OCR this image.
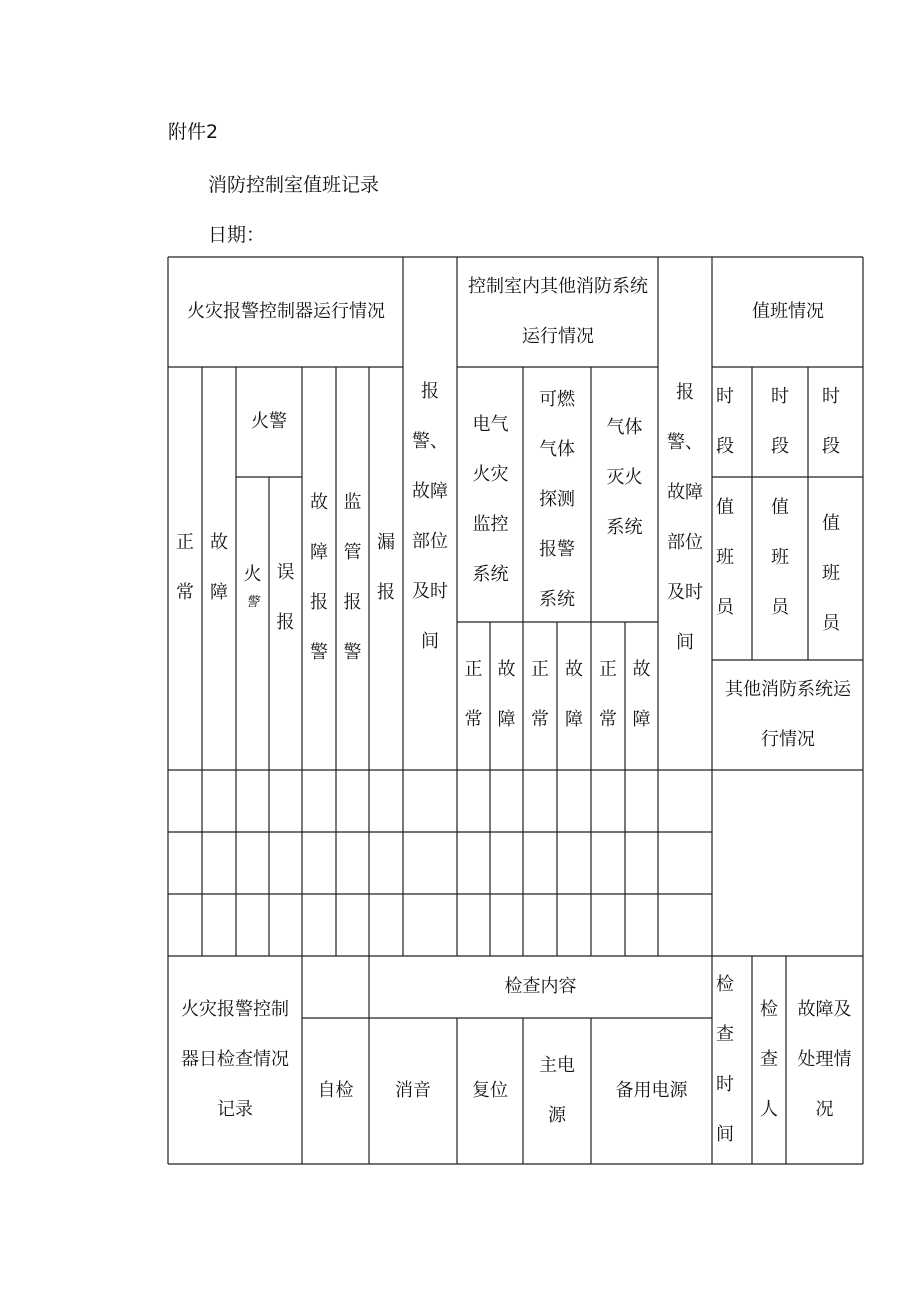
附件2
消防控制室值班记录
日期：
火灾报警控制器运行情况
报警、故障部位及时间
控制室内其他消防系统运行情况
报警、故障部位及时间
值班情况
正常
故障
火警
火
警
误报
故障报警
监管报警
漏报
电气火灾监控系统
可燃气体探测报警系统
气体灭火系统
正常
故障
正常
故障
正常
故障
时段
时段
时段
值班员
值班员
值班员
其他消防系统运行情况
火灾报警控制器日检查情况记录
检查内容
自检 消音 复位
主电源
备用电源
检查时间
检查人
故障及处理情况
